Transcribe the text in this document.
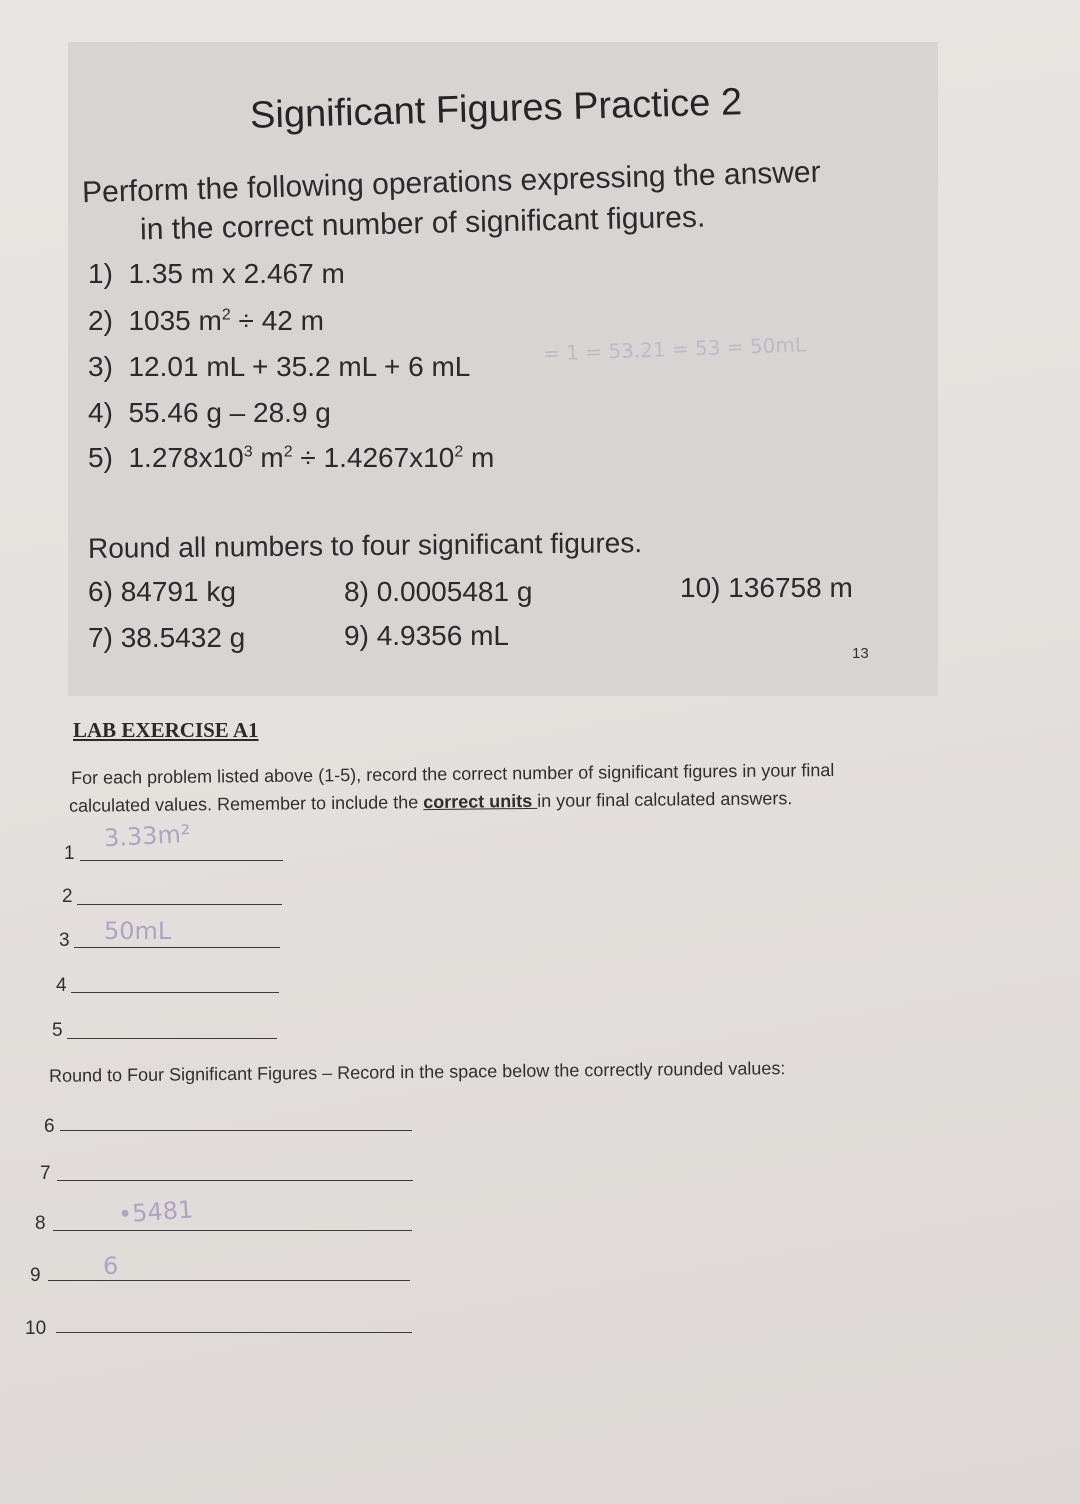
Significant Figures Practice 2
Perform the following operations expressing the answer
in the correct number of significant figures.
1) 1.35 m x 2.467 m
2) 1035 $m^2 \div 42$ m
3) 12.01 mL + 35.2 mL + 6 mL
= 1 = 53.21 = 53 = 50mL
4) 55.46 g – 28.9 g
5) $1.278x10^3$ $m^2 \div 1.4267x10^2$ m
Round all numbers to four significant figures.
6) 84791 kg
7) 38.5432 g
8) 0.0005481 g
9) 4.9356 mL
10) 136758 m
13
LAB EXERCISE A1
For each problem listed above (1-5), record the correct number of significant figures in your final
calculated values. Remember to include the correct units in your final calculated answers.
1
3.33m²
2
3 50mL
4
5
Round to Four Significant Figures – Record in the space below the correctly rounded values:
6
7
8	•5481
9	6
10
